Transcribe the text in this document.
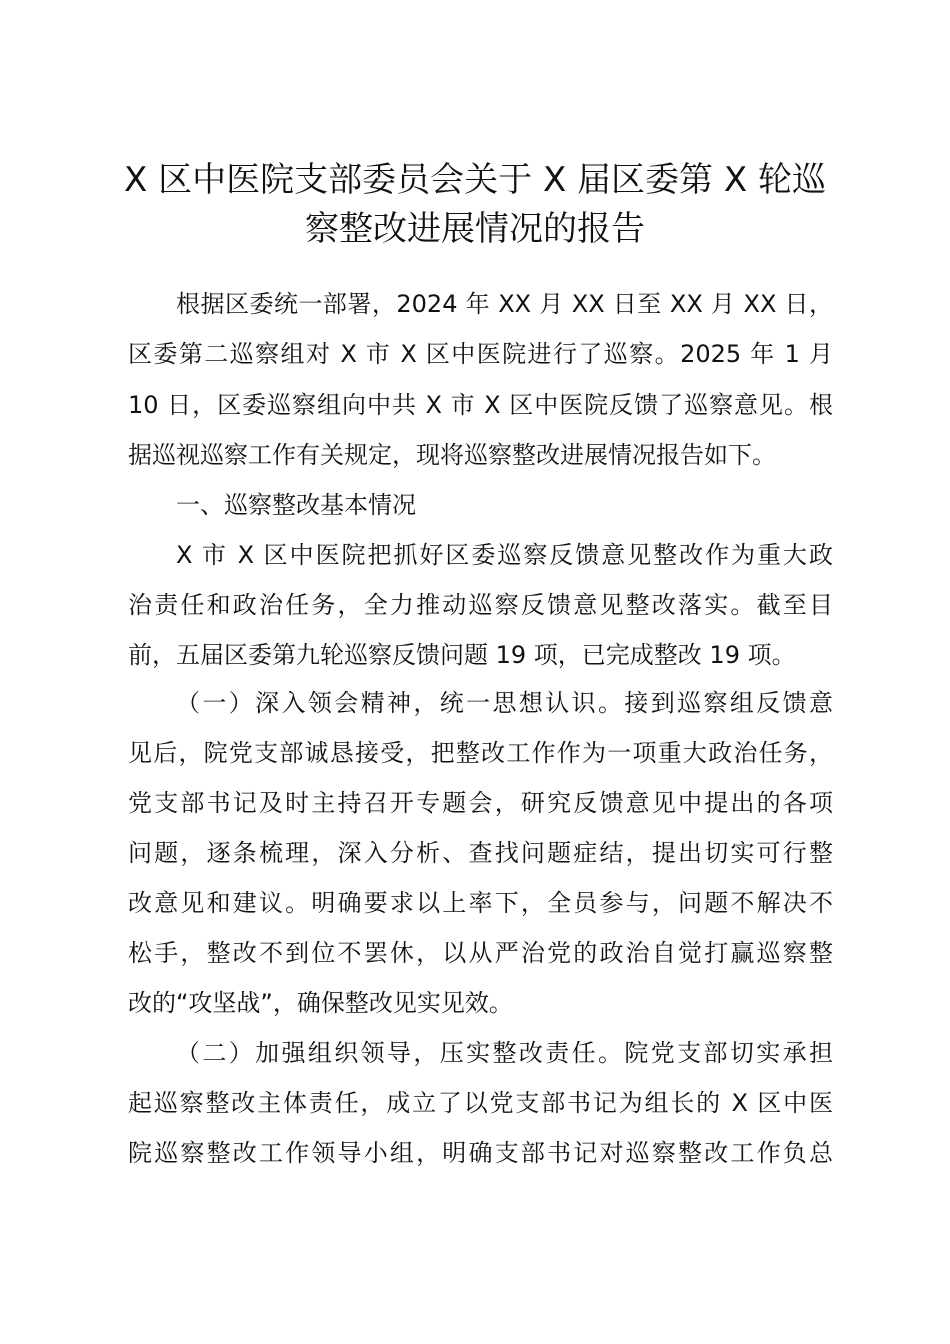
X 区中医院支部委员会关于 X 届区委第 X 轮巡
察整改进展情况的报告
根据区委统一部署，2024 年 XX 月 XX 日至 XX 月 XX 日，
区委第二巡察组对 X 市 X 区中医院进行了巡察。2025 年 1 月
10 日，区委巡察组向中共 X 市 X 区中医院反馈了巡察意见。根
据巡视巡察工作有关规定，现将巡察整改进展情况报告如下。
一、巡察整改基本情况
X 市 X 区中医院把抓好区委巡察反馈意见整改作为重大政
治责任和政治任务，全力推动巡察反馈意见整改落实。截至目
前，五届区委第九轮巡察反馈问题 19 项，已完成整改 19 项。
（一）深入领会精神，统一思想认识。接到巡察组反馈意
见后，院党支部诚恳接受，把整改工作作为一项重大政治任务，
党支部书记及时主持召开专题会，研究反馈意见中提出的各项
问题，逐条梳理，深入分析、查找问题症结，提出切实可行整
改意见和建议。明确要求以上率下，全员参与，问题不解决不
松手，整改不到位不罢休，以从严治党的政治自觉打赢巡察整
改的“攻坚战”，确保整改见实见效。
（二）加强组织领导，压实整改责任。院党支部切实承担
起巡察整改主体责任，成立了以党支部书记为组长的 X 区中医
院巡察整改工作领导小组，明确支部书记对巡察整改工作负总
